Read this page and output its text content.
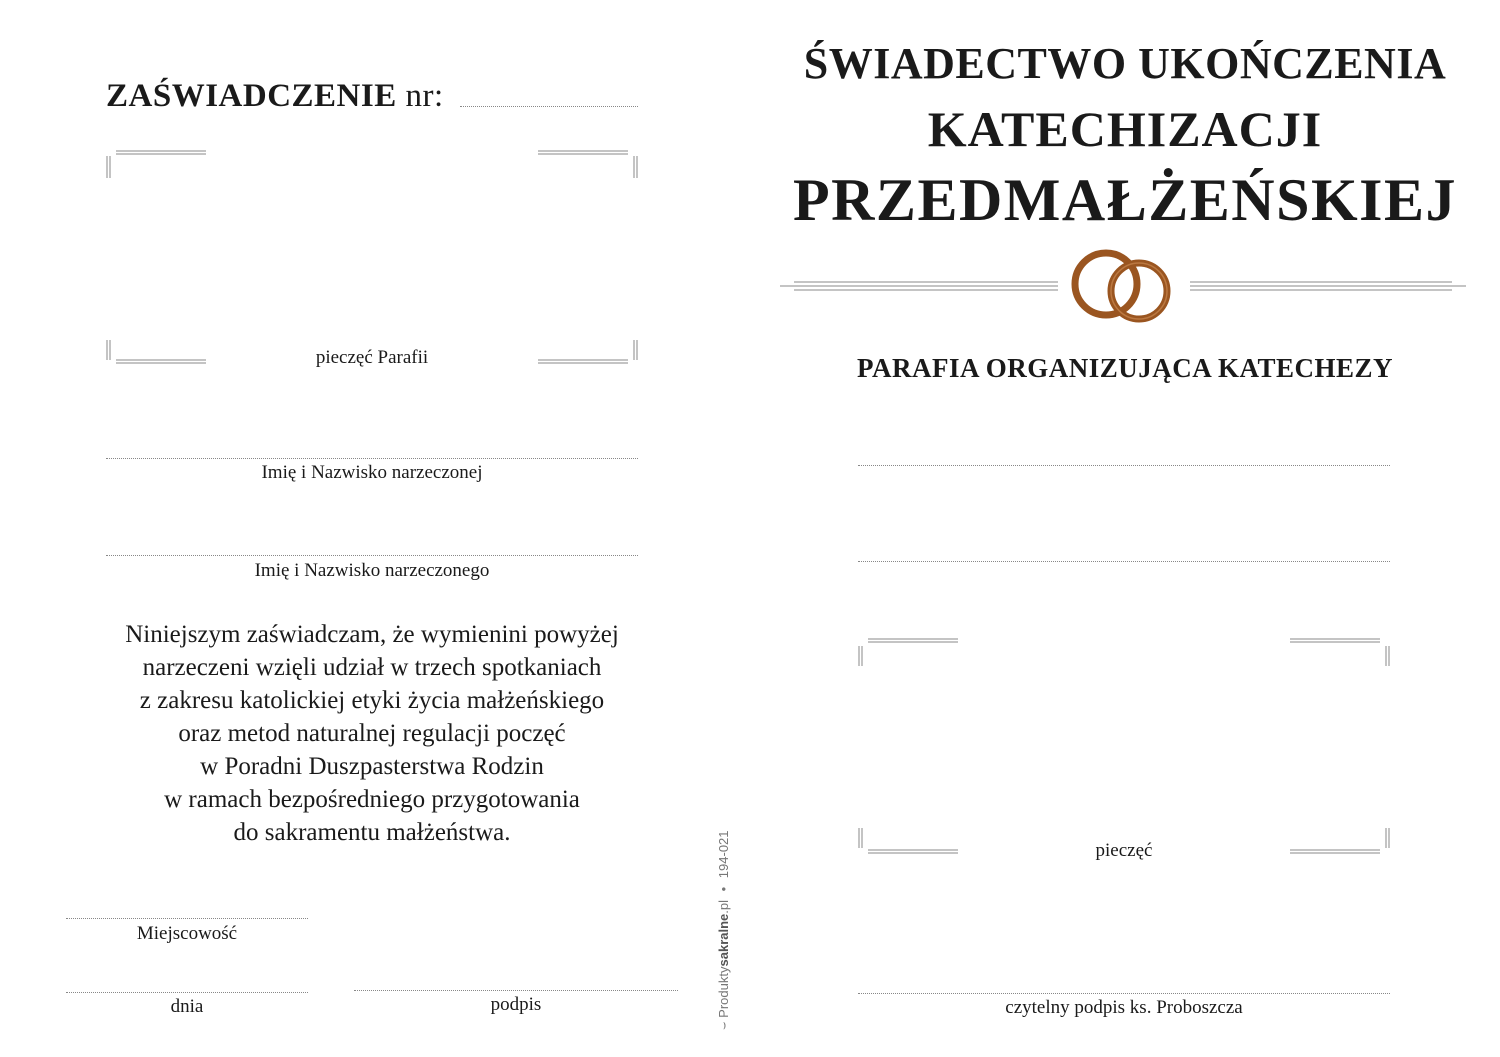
ZAŚWIADCZENIE nr:
pieczęć Parafii
Imię i Nazwisko narzeczonej
Imię i Nazwisko narzeczonego
Niniejszym zaświadczam, że wymienini powyżej
narzeczeni wzięli udział w trzech spotkaniach
z zakresu katolickiej etyki życia małżeńskiego
oraz metod naturalnej regulacji poczęć
w Poradni Duszpasterstwa Rodzin
w ramach bezpośredniego przygotowania
do sakramentu małżeństwa.
Miejscowość
dnia	podpis
⌣ Produktysakralne.pl • 194-021
ŚWIADECTWO UKOŃCZENIA
KATECHIZACJI
PRZEDMAŁŻEŃSKIEJ
PARAFIA ORGANIZUJĄCA KATECHEZY
pieczęć
czytelny podpis ks. Proboszcza
